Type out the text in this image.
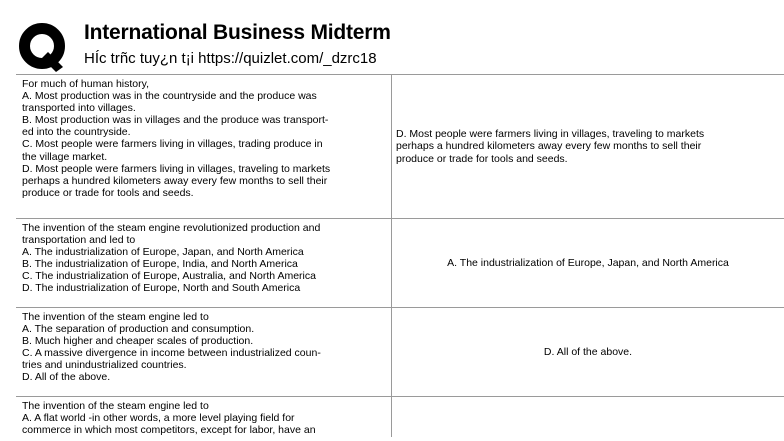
International Business Midterm
HÍc trñc tuy¿n t¡i https://quizlet.com/_dzrc18
For much of human history,
A. Most production was in the countryside and the produce was
transported into villages.
B. Most production was in villages and the produce was transport-
ed into the countryside.
C. Most people were farmers living in villages, trading produce in
the village market.
D. Most people were farmers living in villages, traveling to markets
perhaps a hundred kilometers away every few months to sell their
produce or trade for tools and seeds.
D. Most people were farmers living in villages, traveling to markets
perhaps a hundred kilometers away every few months to sell their
produce or trade for tools and seeds.
The invention of the steam engine revolutionized production and
transportation and led to
A. The industrialization of Europe, Japan, and North America
B. The industrialization of Europe, India, and North America
C. The industrialization of Europe, Australia, and North America
D. The industrialization of Europe, North and South America
A. The industrialization of Europe, Japan, and North America
The invention of the steam engine led to
A. The separation of production and consumption.
B. Much higher and cheaper scales of production.
C. A massive divergence in income between industrialized coun-
tries and unindustrialized countries.
D. All of the above.
D. All of the above.
The invention of the steam engine led to
A. A flat world -in other words, a more level playing field for
commerce in which most competitors, except for labor, have an
